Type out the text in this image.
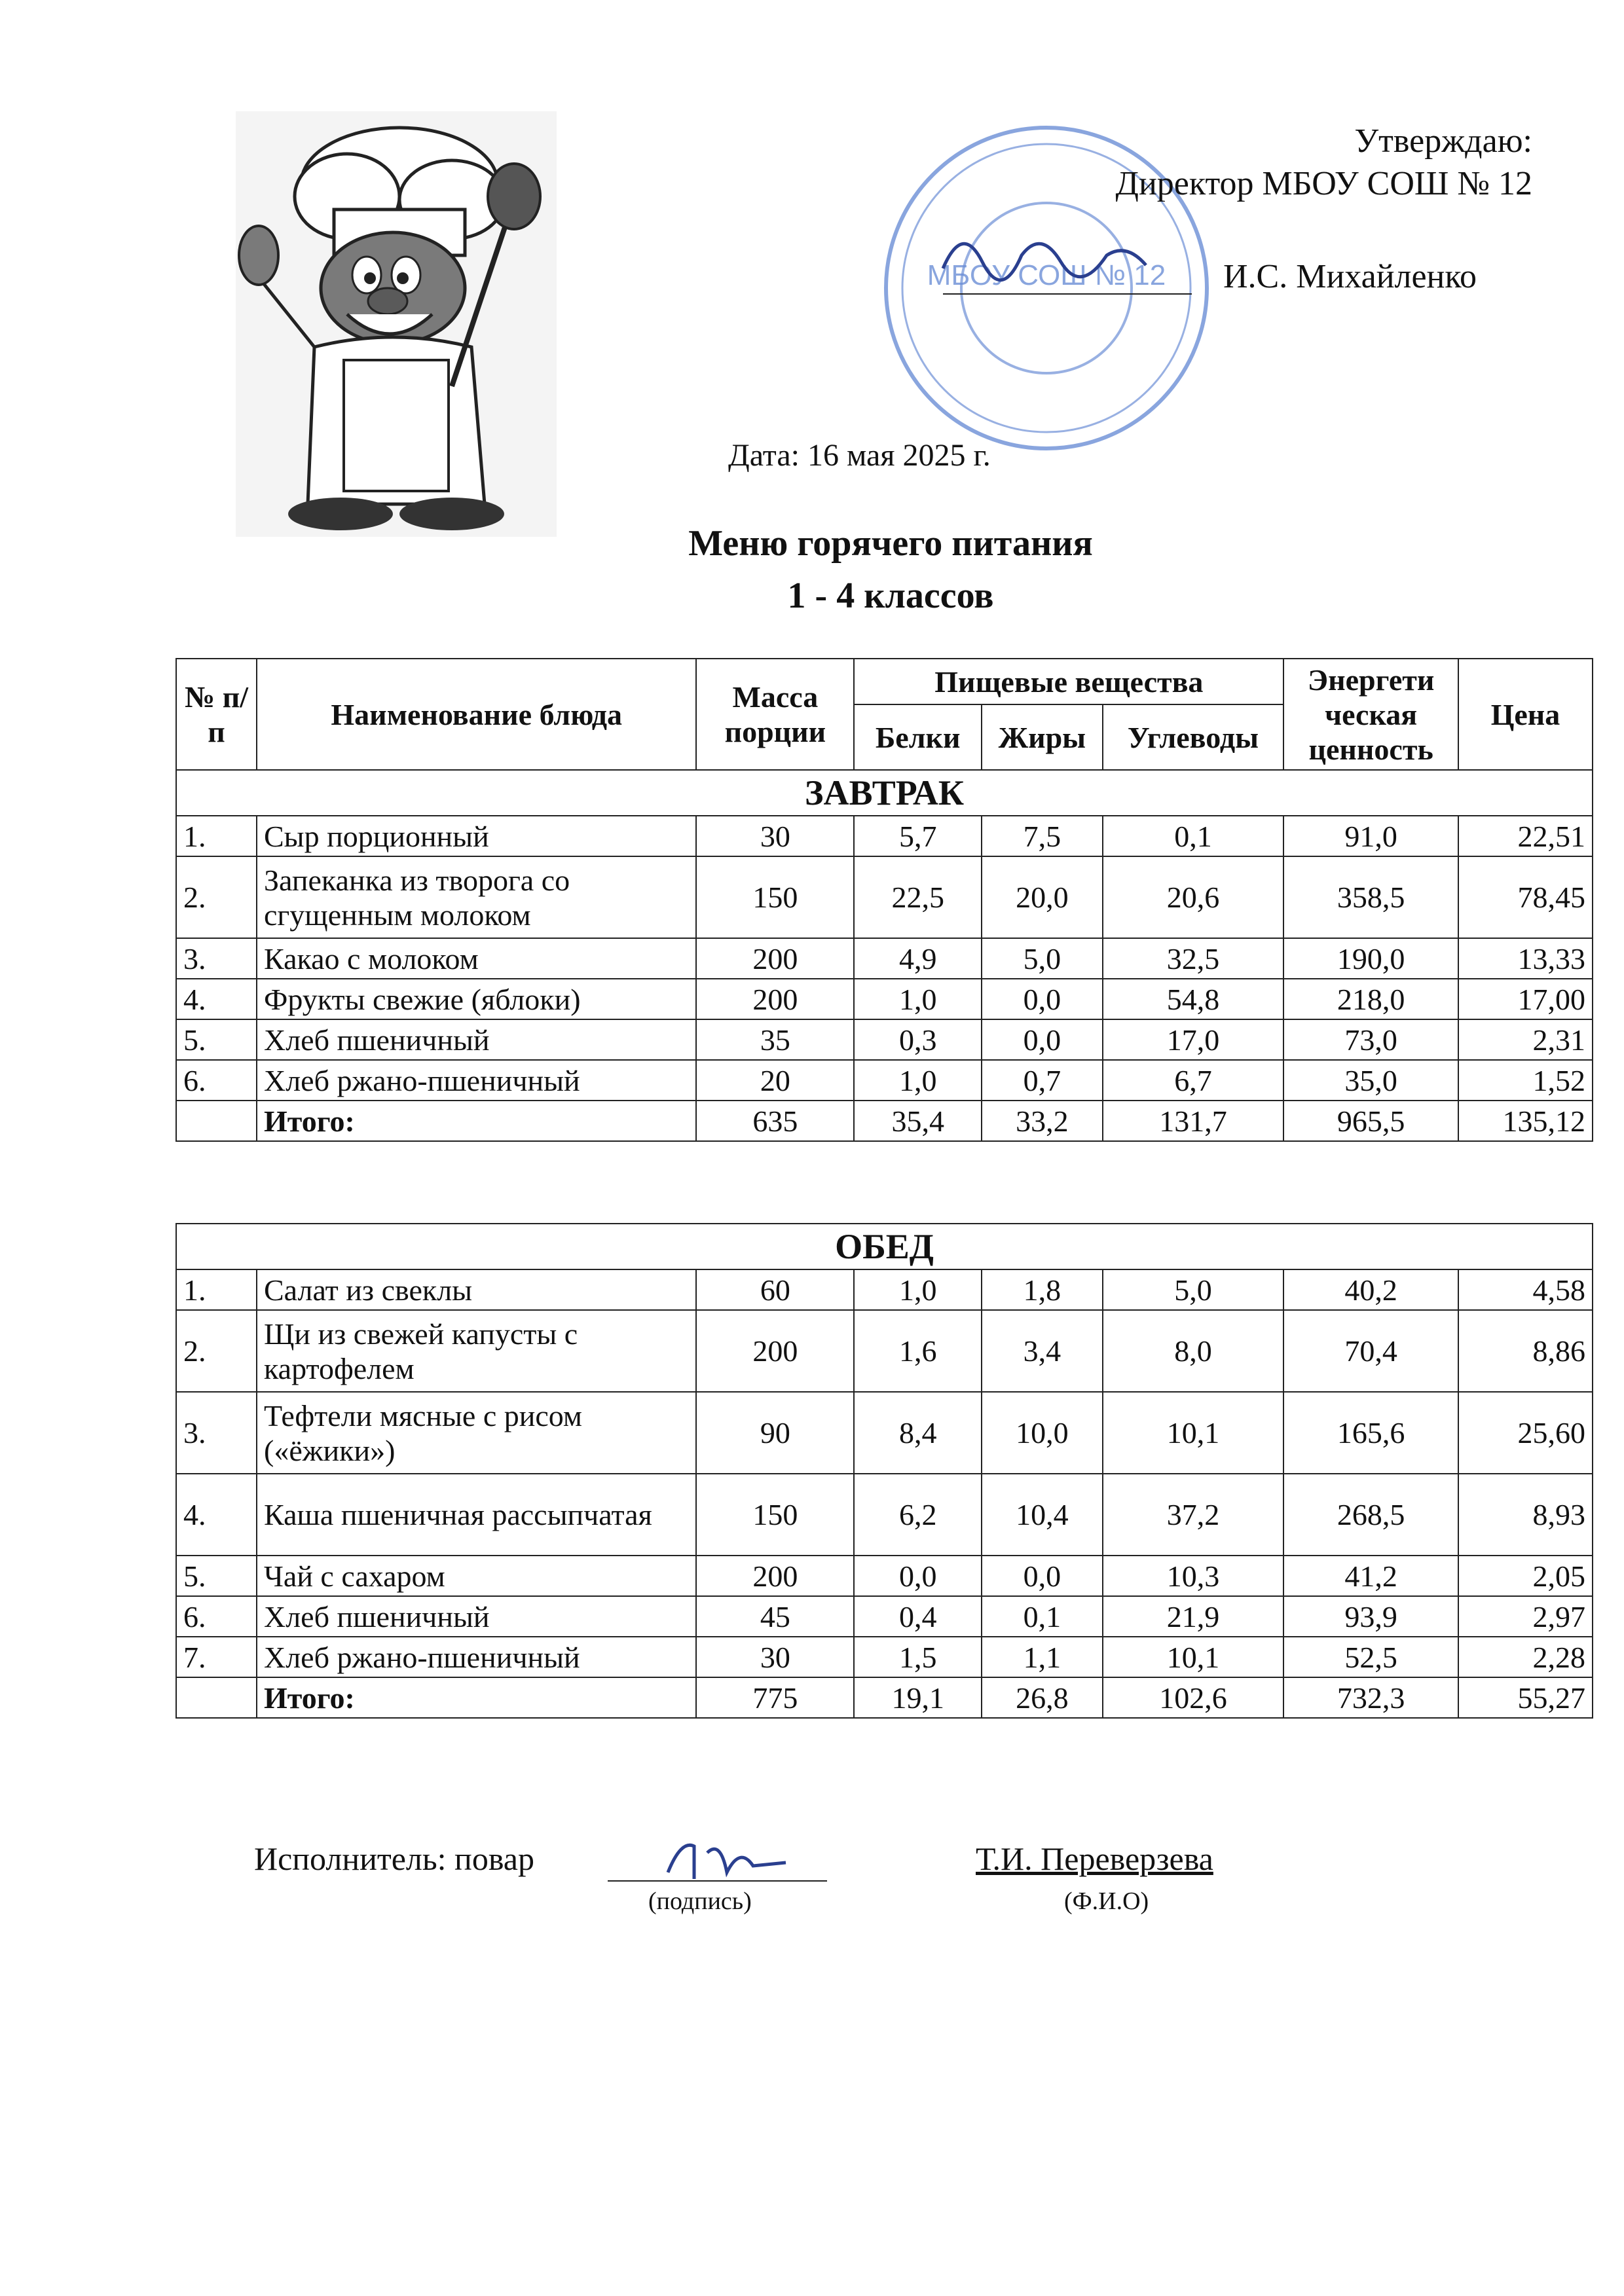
МБОУ СОШ № 12
Утверждаю:
Директор МБОУ СОШ № 12
И.С. Михайленко
Дата: 16 мая 2025 г.
Меню горячего питания
1 - 4 классов
№ п/п	Наименование блюда	Масса порции	Пищевые вещества			Энергети ческая ценность	Цена
			Белки	Жиры	Углеводы		
ЗАВТРАК							
1.	Сыр порционный	30	5,7	7,5	0,1	91,0	22,51
2.	Запеканка из творога со сгущенным молоком	150	22,5	20,0	20,6	358,5	78,45
3.	Какао с молоком	200	4,9	5,0	32,5	190,0	13,33
4.	Фрукты свежие (яблоки)	200	1,0	0,0	54,8	218,0	17,00
5.	Хлеб пшеничный	35	0,3	0,0	17,0	73,0	2,31
6.	Хлеб ржано-пшеничный	20	1,0	0,7	6,7	35,0	1,52
	Итого:	635	35,4	33,2	131,7	965,5	135,12
ОБЕД							
1.	Салат из свеклы	60	1,0	1,8	5,0	40,2	4,58
2.	Щи из свежей капусты с картофелем	200	1,6	3,4	8,0	70,4	8,86
3.	Тефтели мясные с рисом («ёжики»)	90	8,4	10,0	10,1	165,6	25,60
4.	Каша пшеничная рассыпчатая	150	6,2	10,4	37,2	268,5	8,93
5.	Чай с сахаром	200	0,0	0,0	10,3	41,2	2,05
6.	Хлеб пшеничный	45	0,4	0,1	21,9	93,9	2,97
7.	Хлеб ржано-пшеничный	30	1,5	1,1	10,1	52,5	2,28
	Итого:	775	19,1	26,8	102,6	732,3	55,27
Исполнитель: повар
(подпись)
Т.И. Переверзева
(Ф.И.О)
